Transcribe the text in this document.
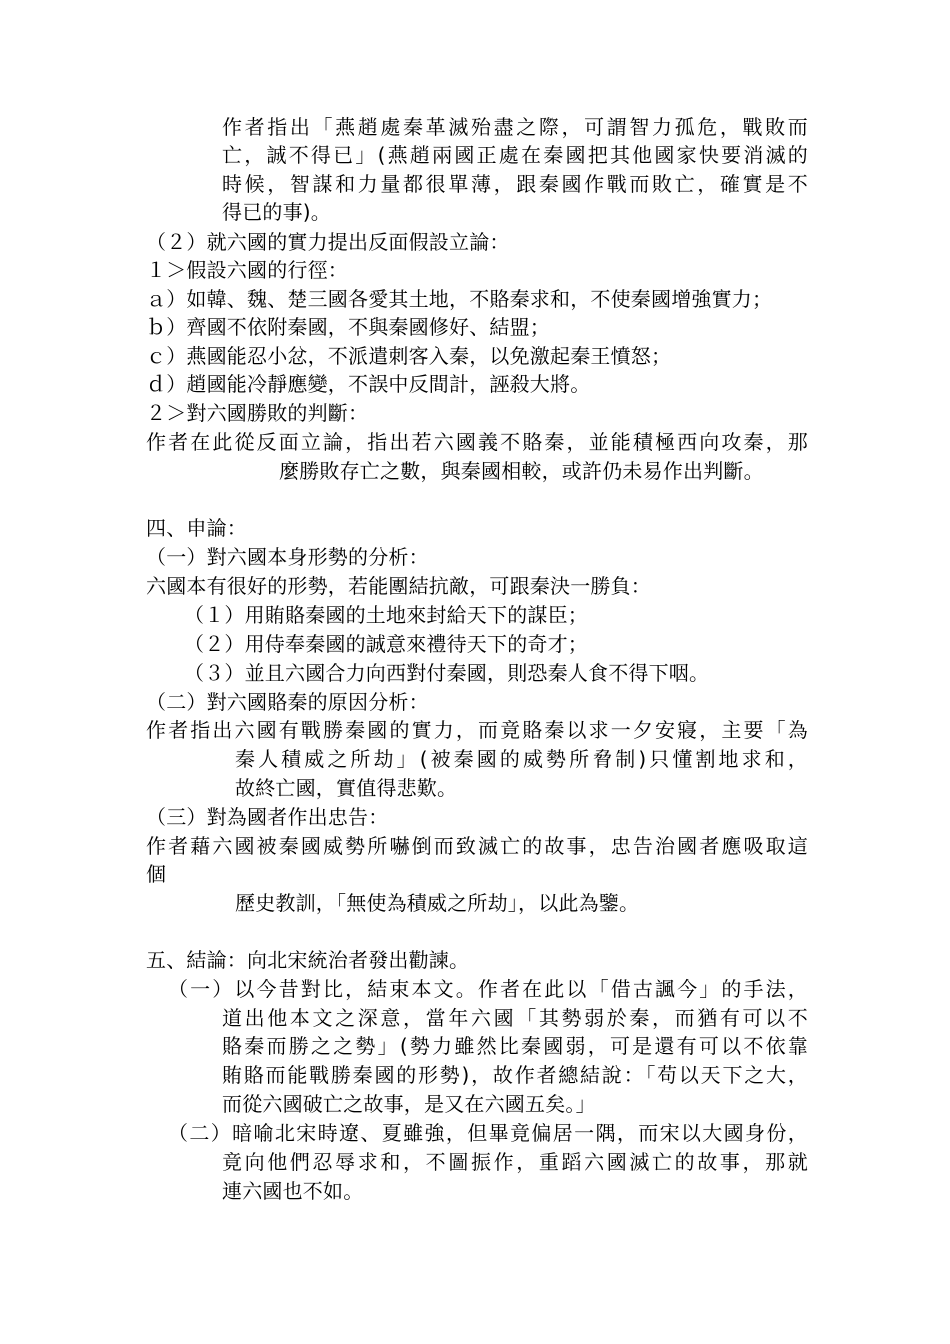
作者指出「燕趙處秦革滅殆盡之際，可謂智力孤危，戰敗而
亡，誠不得已」(燕趙兩國正處在秦國把其他國家快要消滅的
時候，智謀和力量都很單薄，跟秦國作戰而敗亡，確實是不
得已的事)。
（２）就六國的實力提出反面假設立論：
１＞假設六國的行徑：
ａ）如韓、魏、楚三國各愛其土地，不賂秦求和，不使秦國增強實力；
ｂ）齊國不依附秦國，不與秦國修好、結盟；
ｃ）燕國能忍小忿，不派遣刺客入秦，以免激起秦王憤怒；
ｄ）趙國能冷靜應變，不誤中反間計，誣殺大將。
２＞對六國勝敗的判斷：
作者在此從反面立論，指出若六國義不賂秦，並能積極西向攻秦，那
麼勝敗存亡之數，與秦國相較，或許仍未易作出判斷。
四、申論：
（一）對六國本身形勢的分析：
六國本有很好的形勢，若能團結抗敵，可跟秦決一勝負：
（１）用賄賂秦國的土地來封給天下的謀臣；
（２）用侍奉秦國的誠意來禮待天下的奇才；
（３）並且六國合力向西對付秦國，則恐秦人食不得下咽。
（二）對六國賂秦的原因分析：
作者指出六國有戰勝秦國的實力，而竟賂秦以求一夕安寢，主要「為
秦人積威之所劫」(被秦國的威勢所脅制)只懂割地求和，
故終亡國，實值得悲歎。
（三）對為國者作出忠告：
作者藉六國被秦國威勢所嚇倒而致滅亡的故事，忠告治國者應吸取這
個
歷史教訓，「無使為積威之所劫」，以此為鑒。
五、結論：向北宋統治者發出勸諫。
（一）以今昔對比，結束本文。作者在此以「借古諷今」的手法，
道出他本文之深意，當年六國「其勢弱於秦，而猶有可以不
賂秦而勝之之勢」(勢力雖然比秦國弱，可是還有可以不依靠
賄賂而能戰勝秦國的形勢)，故作者總結說：「苟以天下之大，
而從六國破亡之故事，是又在六國五矣。」
（二）暗喻北宋時遼、夏雖強，但畢竟偏居一隅，而宋以大國身份，
竟向他們忍辱求和，不圖振作，重蹈六國滅亡的故事，那就
連六國也不如。
